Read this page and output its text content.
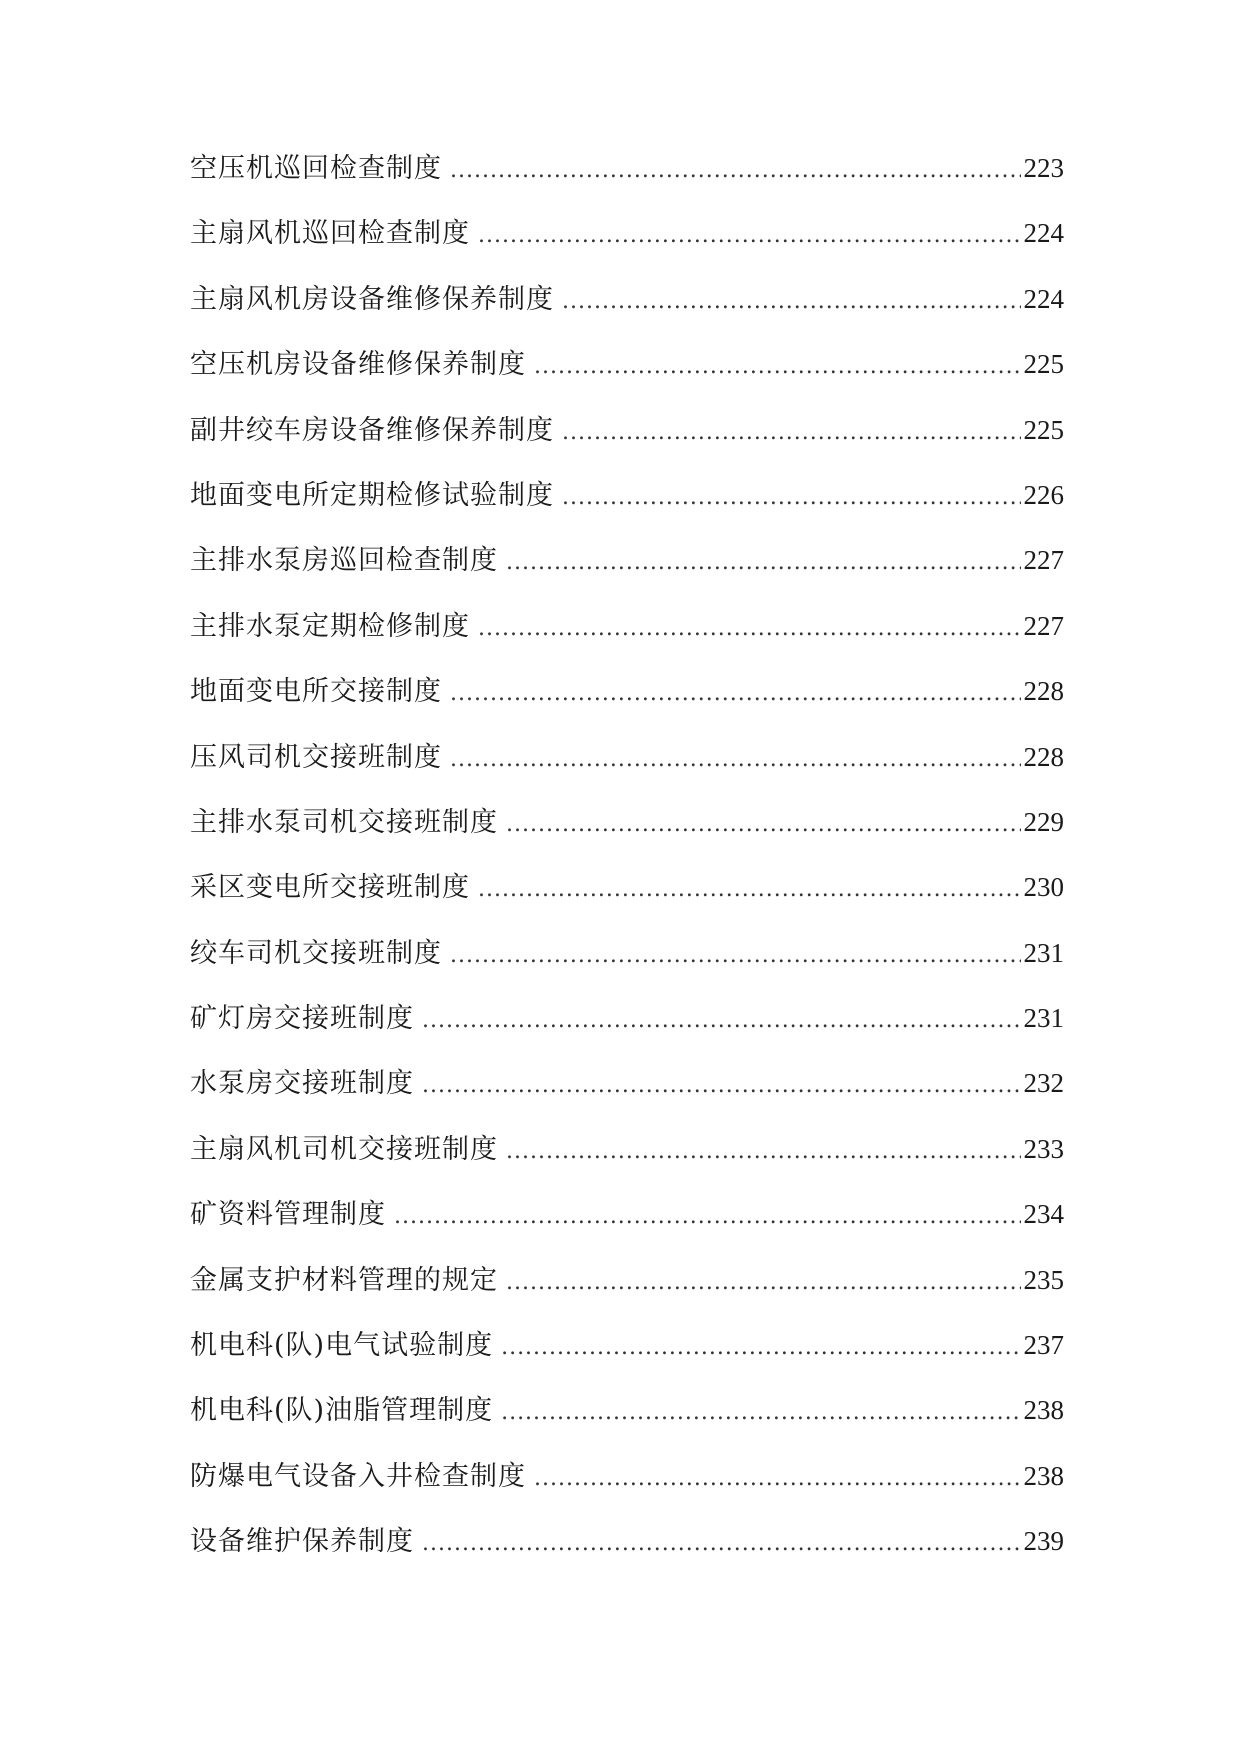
空压机巡回检查制度 .....	223
主扇风机巡回检查制度 .....	224
主扇风机房设备维修保养制度 .....	224
空压机房设备维修保养制度 .....	225
副井绞车房设备维修保养制度 .....	225
地面变电所定期检修试验制度 .....	226
主排水泵房巡回检查制度 .....	227
主排水泵定期检修制度 .....	227
地面变电所交接制度 .....	228
压风司机交接班制度 .....	228
主排水泵司机交接班制度 .....	229
采区变电所交接班制度 .....	230
绞车司机交接班制度 .....	231
矿灯房交接班制度 .....	231
水泵房交接班制度 .....	232
主扇风机司机交接班制度 .....	233
矿资料管理制度 .....	234
金属支护材料管理的规定 .....	235
机电科(队)电气试验制度 .....	237
机电科(队)油脂管理制度 .....	238
防爆电气设备入井检查制度 .....	238
设备维护保养制度 .....	239
